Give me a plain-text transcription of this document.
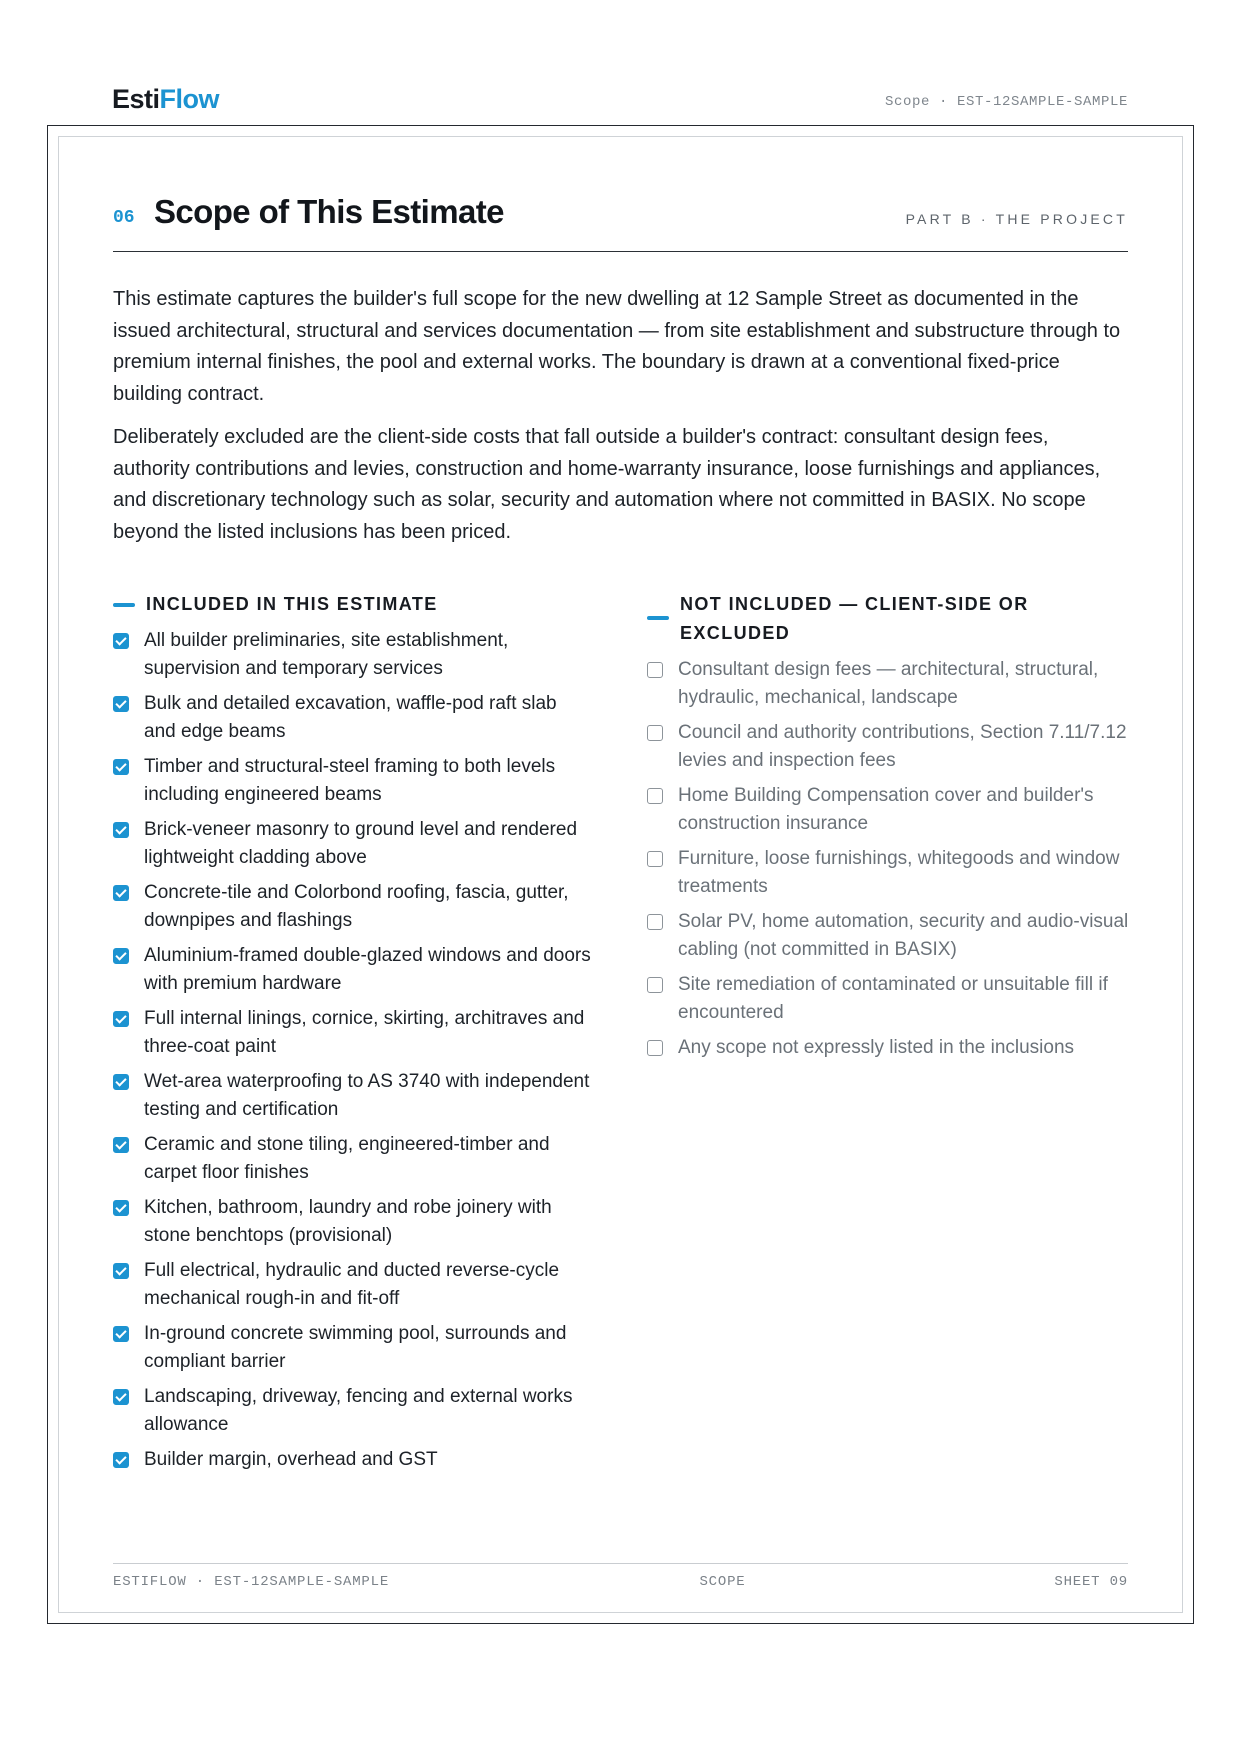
EstiFlow	Scope · EST-12SAMPLE-SAMPLE
06 Scope of This Estimate	PART B · THE PROJECT

This estimate captures the builder's full scope for the new dwelling at 12 Sample Street as documented in the issued architectural, structural and services documentation — from site establishment and substructure through to premium internal finishes, the pool and external works. The boundary is drawn at a conventional fixed-price building contract.

Deliberately excluded are the client-side costs that fall outside a builder's contract: consultant design fees, authority contributions and levies, construction and home-warranty insurance, loose furnishings and appliances, and discretionary technology such as solar, security and automation where not committed in BASIX. No scope beyond the listed inclusions has been priced.

INCLUDED IN THIS ESTIMATE
All builder preliminaries, site establishment, supervision and temporary services
Bulk and detailed excavation, waffle-pod raft slab and edge beams
Timber and structural-steel framing to both levels including engineered beams
Brick-veneer masonry to ground level and rendered lightweight cladding above
Concrete-tile and Colorbond roofing, fascia, gutter, downpipes and flashings
Aluminium-framed double-glazed windows and doors with premium hardware
Full internal linings, cornice, skirting, architraves and three-coat paint
Wet-area waterproofing to AS 3740 with independent testing and certification
Ceramic and stone tiling, engineered-timber and carpet floor finishes
Kitchen, bathroom, laundry and robe joinery with stone benchtops (provisional)
Full electrical, hydraulic and ducted reverse-cycle mechanical rough-in and fit-off
In-ground concrete swimming pool, surrounds and compliant barrier
Landscaping, driveway, fencing and external works allowance
Builder margin, overhead and GST
NOT INCLUDED — CLIENT-SIDE OR EXCLUDED
Consultant design fees — architectural, structural, hydraulic, mechanical, landscape
Council and authority contributions, Section 7.11/7.12 levies and inspection fees
Home Building Compensation cover and builder's construction insurance
Furniture, loose furnishings, whitegoods and window treatments
Solar PV, home automation, security and audio-visual cabling (not committed in BASIX)
Site remediation of contaminated or unsuitable fill if encountered
Any scope not expressly listed in the inclusions
ESTIFLOW · EST-12SAMPLE-SAMPLE	SCOPE	SHEET 09
